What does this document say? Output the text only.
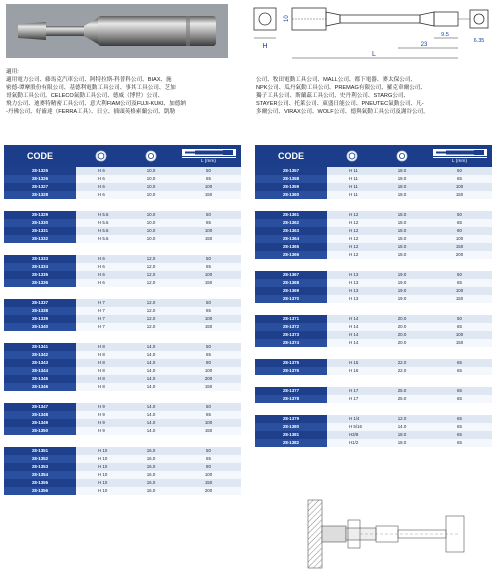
H
10
L
23
9.5
6.35
適用:
適用電力公司、藤馬克汽車公司、阿特拉斯-科普科公司、BIAX、施
密德-谭摩股份有限公司、基德利電動工具公司、事其工具公司、芝加
哥氣動工具公司、CELECO氣動工具公司、德威（博世）公司、
飛力公司、迪麥特精密工具公司、意大利FIAM公司及FUJI-KUKI、加德納
-丹佛公司、好齒達（FERRA工具）、日立、插頭英格索蘭公司、凱勒
公司、牧田電動工具公司、MALL公司、都下電器、麥太保公司、
NPK公司、瓜丹氣動工具公司、PREMAG有限公司、羅克韋爾公司、
獨子工具公司、斯蘭茲工具公司、史丹利公司、STARG公司、
STAYER公司、托萊公司、東盛日能公司、PNEUTEC氣動公司、凡-
多爾公司、VIRAX公司、WOLF公司、德與氣動工具公司及謝谷公司。
CODE	L (mm)
28-1325	H 6	10.0	50
28-1326	H 6	10.0	65
28-1327	H 6	10.0	100
28-1328	H 6	10.0	150
28-1329	H 5.5	10.0	50
28-1330	H 5.5	10.0	65
28-1331	H 5.5	10.0	100
28-1332	H 5.5	10.0	150
28-1333	H 6	12.0	50
28-1334	H 6	12.0	65
28-1335	H 6	12.0	100
28-1336	H 6	12.0	150
28-1337	H 7	12.0	50
28-1338	H 7	12.0	65
28-1339	H 7	12.0	100
28-1340	H 7	12.0	150
28-1341	H 8	14.0	50
28-1342	H 8	14.0	65
28-1343	H 8	14.0	80
28-1344	H 8	14.0	100
28-1345	H 8	14.0	200
28-1346	H 8	14.0	150
28-1347	H 9	14.0	50
28-1348	H 9	14.0	65
28-1349	H 9	14.0	100
28-1350	H 9	14.0	150
28-1351	H 10	16.0	50
28-1352	H 10	16.0	65
28-1353	H 10	16.0	80
28-1354	H 10	16.0	100
28-1355	H 10	16.0	150
28-1356	H 10	16.0	200
CODE	L (mm)
28-1357	H 11	18.0	50
28-1358	H 11	18.0	65
28-1359	H 11	18.0	100
28-1360	H 11	18.0	150
28-1361	H 12	18.0	50
28-1362	H 12	18.0	65
28-1363	H 12	18.0	80
28-1364	H 12	18.0	100
28-1365	H 12	18.0	150
28-1366	H 12	18.0	200
28-1367	H 13	19.0	50
28-1368	H 13	19.0	65
28-1369	H 13	19.0	100
28-1370	H 13	19.0	150
28-1371	H 14	20.0	50
28-1372	H 14	20.0	65
28-1373	H 14	20.0	100
28-1374	H 14	20.0	150
28-1375	H 15	22.0	65
28-1376	H 16	22.0	65
28-1377	H 17	25.0	65
28-1378	H 17	25.0	65
28-1379	H 1/4	12.0	65
28-1380	H 5/16	14.0	65
28-1381	H3/8	18.0	65
28-1382	H1/2	18.0	65
